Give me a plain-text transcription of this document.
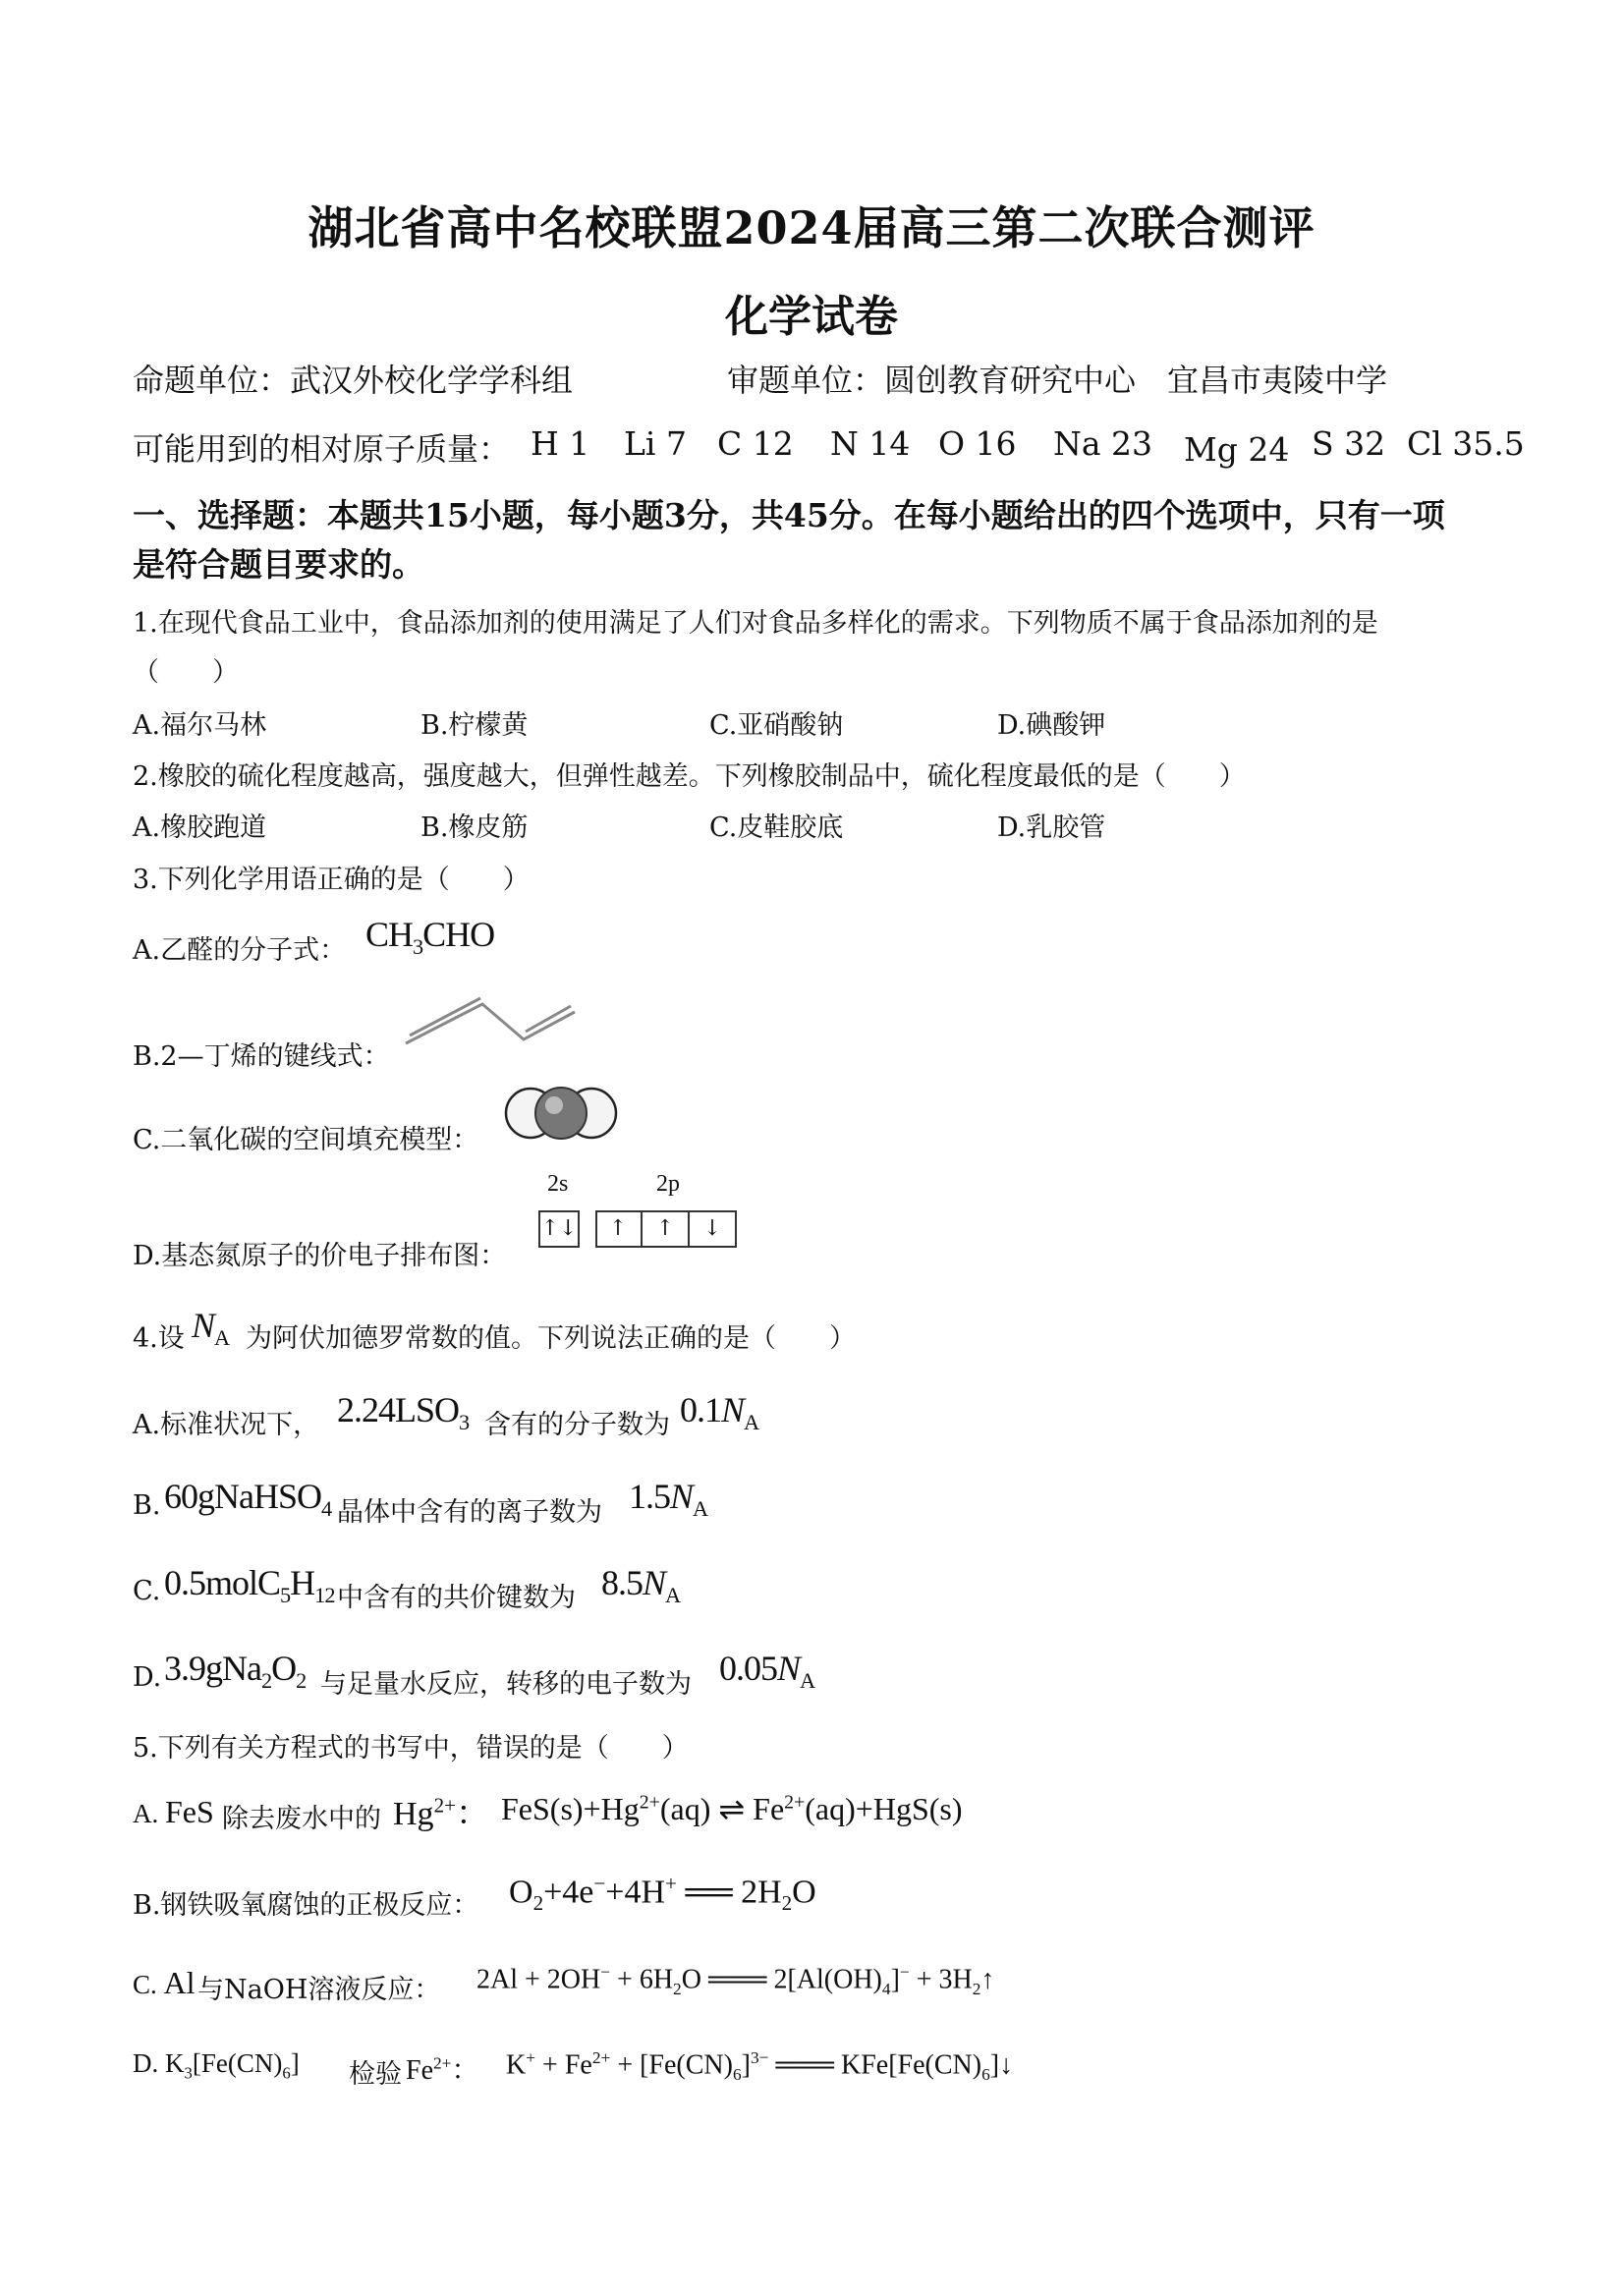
湖北省高中名校联盟2024届高三第二次联合测评
化学试卷
命题单位：武汉外校化学学科组	审题单位：圆创教育研究中心　宜昌市夷陵中学
可能用到的相对原子质量： H 1 Li 7 C 12 N 14 O 16 Na 23 Mg 24 S 32 Cl 35.5
一、选择题：本题共15小题，每小题3分，共45分。在每小题给出的四个选项中，只有一项
是符合题目要求的。
1.在现代食品工业中，食品添加剂的使用满足了人们对食品多样化的需求。下列物质不属于食品添加剂的是
（　　）
A.福尔马林	B.柠檬黄	C.亚硝酸钠	D.碘酸钾
2.橡胶的硫化程度越高，强度越大，但弹性越差。下列橡胶制品中，硫化程度最低的是（　　）
A.橡胶跑道	B.橡皮筋	C.皮鞋胶底	D.乳胶管
3.下列化学用语正确的是（　　）
A.乙醛的分子式： $CH_3CHO$
B.2—丁烯的键线式：
C.二氧化碳的空间填充模型：
D.基态氮原子的价电子排布图：
2s	2p
↑↓	↑	↑	↓
4.设 $N_A$ 为阿伏加德罗常数的值。下列说法正确的是（　　）
A.标准状况下， $2.24LSO_3$ 含有的分子数为 $0.1N_A$
B. 60gNaHSO$_4$ 晶体中含有的离子数为 $1.5N_A$
C. $0.5molC_5H_{12}$ 中含有的共价键数为 $8.5N_A$
D. $3.9gNa_2O_2$ 与足量水反应，转移的电子数为 $0.05N_A$
5.下列有关方程式的书写中，错误的是（　　）
A. FeS 除去废水中的 $Hg^{2+}$： $FeS(s)+Hg^{2+}(aq)$ ⇌ $Fe^{2+}(aq)+HgS(s)$
B.钢铁吸氧腐蚀的正极反应： $O_2+4e^-+4H^+$ ══ $2H_2O$
C. Al 与NaOH溶液反应： $2Al + 2OH^- + 6H_2O$ ═══ $2[Al(OH)_4]^-$ + $3H_2↑$
D. $K_3[Fe(CN)_6]$ 检验 $Fe^{2+}$： $K^+ + Fe^{2+} + [Fe(CN)_6]^{3-}$ ═══ $KFe[Fe(CN)_6]↓$
